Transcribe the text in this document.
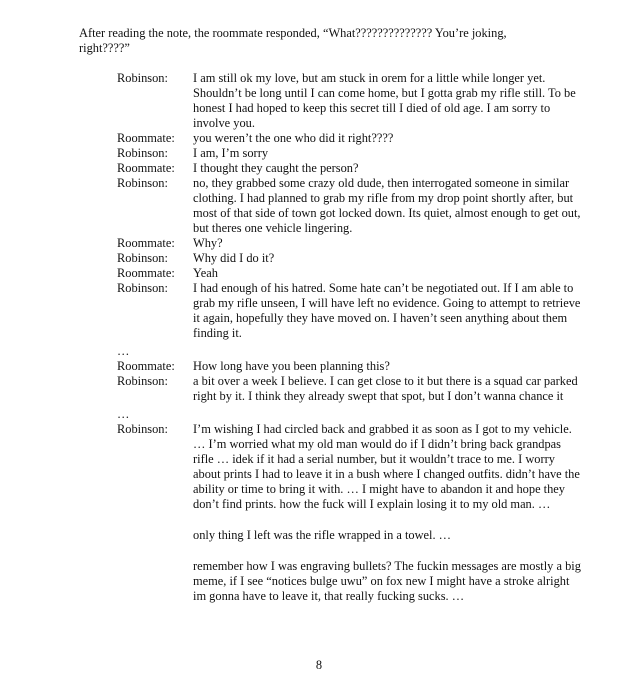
After reading the note, the roommate responded, “What?????????????? You’re joking, right????”

Robinson:	I am still ok my love, but am stuck in orem for a little while longer yet. Shouldn’t be long until I can come home, but I gotta grab my rifle still. To be honest I had hoped to keep this secret till I died of old age. I am sorry to involve you.

Roommate:	you weren’t the one who did it right????

Robinson:	I am, I’m sorry

Roommate:	I thought they caught the person?

Robinson:	no, they grabbed some crazy old dude, then interrogated someone in similar clothing. I had planned to grab my rifle from my drop point shortly after, but most of that side of town got locked down. Its quiet, almost enough to get out, but theres one vehicle lingering.

Roommate:	Why?

Robinson:	Why did I do it?

Roommate:	Yeah

Robinson:	I had enough of his hatred. Some hate can’t be negotiated out. If I am able to grab my rifle unseen, I will have left no evidence. Going to attempt to retrieve it again, hopefully they have moved on. I haven’t seen anything about them finding it.

…
Roommate:	How long have you been planning this?

Robinson:	a bit over a week I believe. I can get close to it but there is a squad car parked right by it. I think they already swept that spot, but I don’t wanna chance it

…
Robinson:	I’m wishing I had circled back and grabbed it as soon as I got to my vehicle. … I’m worried what my old man would do if I didn’t bring back grandpas rifle … idek if it had a serial number, but it wouldn’t trace to me. I worry about prints I had to leave it in a bush where I changed outfits. didn’t have the ability or time to bring it with. … I might have to abandon it and hope they don’t find prints. how the fuck will I explain losing it to my old man. …

only thing I left was the rifle wrapped in a towel. …

remember how I was engraving bullets? The fuckin messages are mostly a big meme, if I see “notices bulge uwu” on fox new I might have a stroke alright im gonna have to leave it, that really fucking sucks. …

8
